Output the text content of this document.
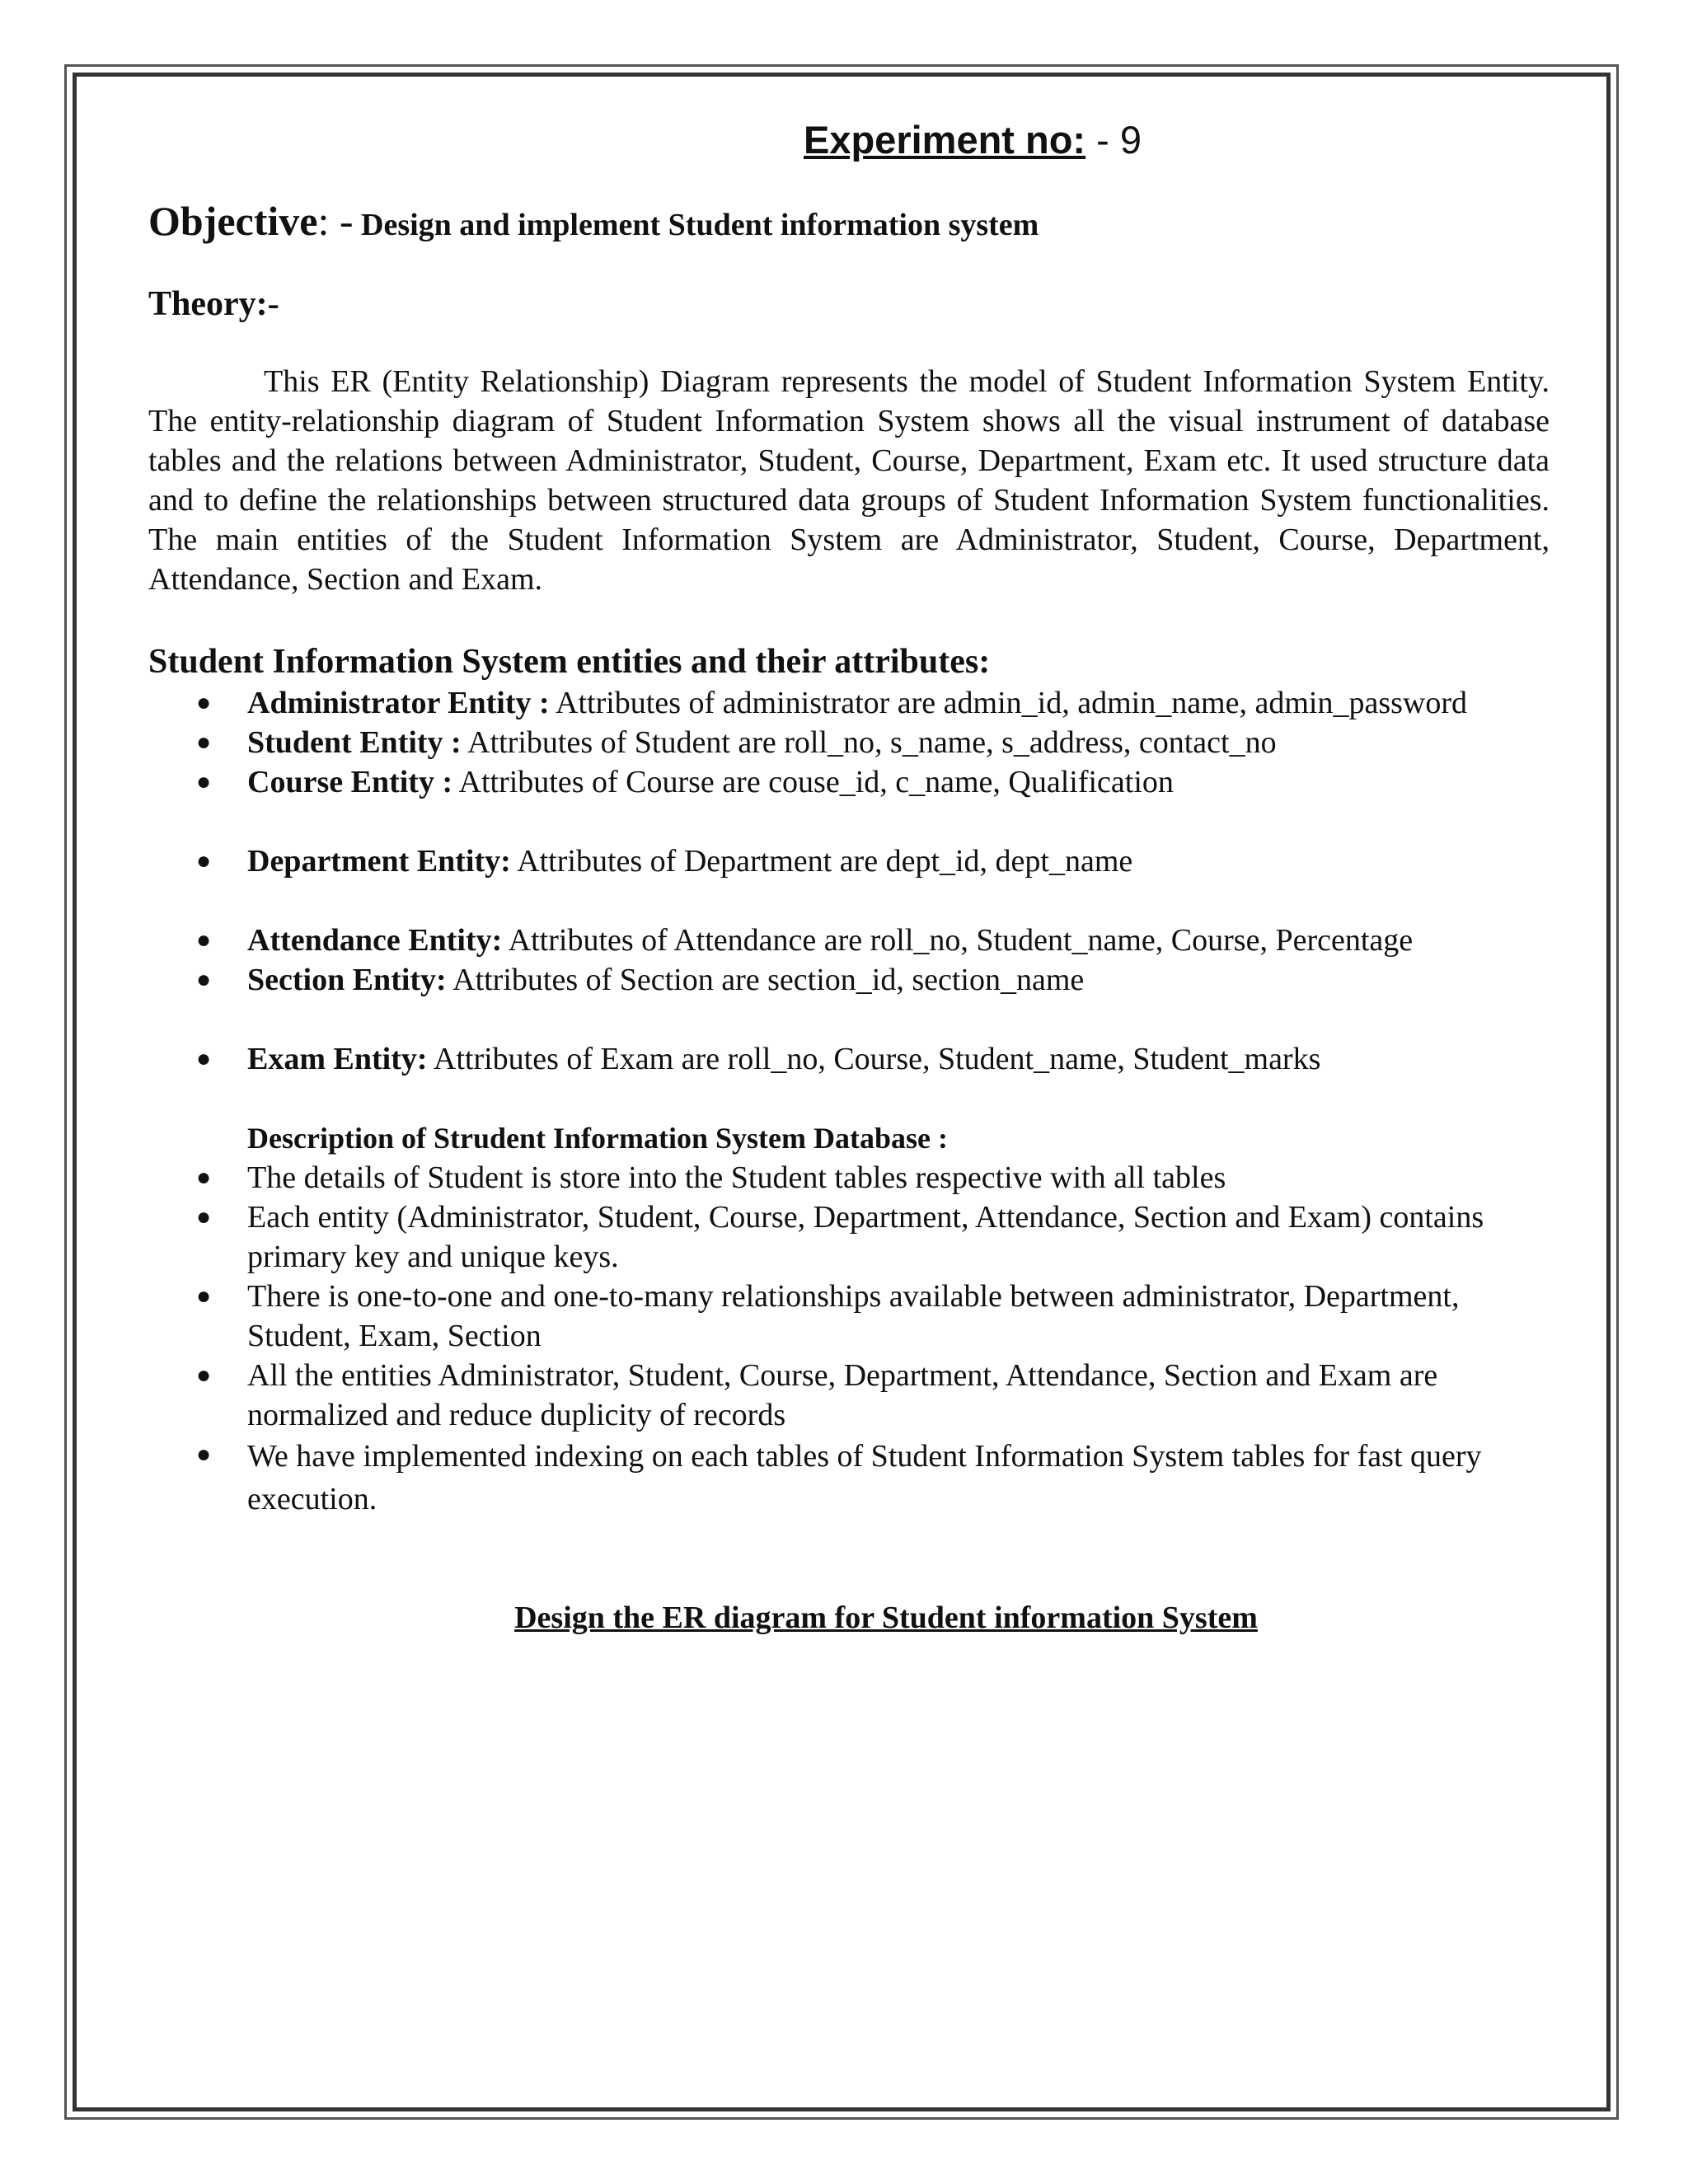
Experiment no: - 9

Objective: - Design and implement Student information system

Theory:-

This ER (Entity Relationship) Diagram represents the model of Student Information System Entity. The entity-relationship diagram of Student Information System shows all the visual instrument of database tables and the relations between Administrator, Student, Course, Department, Exam etc. It used structure data and to define the relationships between structured data groups of Student Information System functionalities. The main entities of the Student Information System are Administrator, Student, Course, Department, Attendance, Section and Exam.

Student Information System entities and their attributes:

● Administrator Entity : Attributes of administrator are admin_id, admin_name, admin_password
● Student Entity : Attributes of Student are roll_no, s_name, s_address, contact_no
● Course Entity : Attributes of Course are couse_id, c_name, Qualification
● Department Entity: Attributes of Department are dept_id, dept_name
● Attendance Entity: Attributes of Attendance are roll_no, Student_name, Course, Percentage
● Section Entity: Attributes of Section are section_id, section_name
● Exam Entity: Attributes of Exam are roll_no, Course, Student_name, Student_marks

Description of Strudent Information System Database :

● The details of Student is store into the Student tables respective with all tables
● Each entity (Administrator, Student, Course, Department, Attendance, Section and Exam) contains primary key and unique keys.
● There is one-to-one and one-to-many relationships available between administrator, Department, Student, Exam, Section
● All the entities Administrator, Student, Course, Department, Attendance, Section and Exam are normalized and reduce duplicity of records
● We have implemented indexing on each tables of Student Information System tables for fast query execution.

Design the ER diagram for Student information System
